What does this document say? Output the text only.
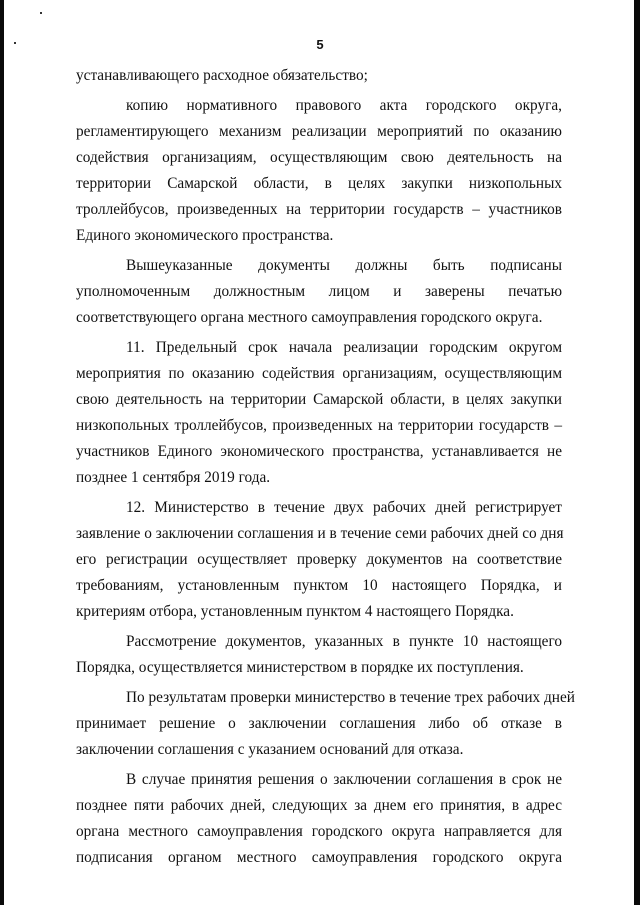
5
устанавливающего расходное обязательство;
копию нормативного правового акта городского округа,
регламентирующего механизм реализации мероприятий по оказанию
содействия организациям, осуществляющим свою деятельность на
территории Самарской области, в целях закупки низкопольных
троллейбусов, произведенных на территории государств – участников
Единого экономического пространства.
Вышеуказанные документы должны быть подписаны
уполномоченным должностным лицом и заверены печатью
соответствующего органа местного самоуправления городского округа.
11. Предельный срок начала реализации городским округом
мероприятия по оказанию содействия организациям, осуществляющим
свою деятельность на территории Самарской области, в целях закупки
низкопольных троллейбусов, произведенных на территории государств –
участников Единого экономического пространства, устанавливается не
позднее 1 сентября 2019 года.
12. Министерство в течение двух рабочих дней регистрирует
заявление о заключении соглашения и в течение семи рабочих дней со дня
его регистрации осуществляет проверку документов на соответствие
требованиям, установленным пунктом 10 настоящего Порядка, и
критериям отбора, установленным пунктом 4 настоящего Порядка.
Рассмотрение документов, указанных в пункте 10 настоящего
Порядка, осуществляется министерством в порядке их поступления.
По результатам проверки министерство в течение трех рабочих дней
принимает решение о заключении соглашения либо об отказе в
заключении соглашения с указанием оснований для отказа.
В случае принятия решения о заключении соглашения в срок не
позднее пяти рабочих дней, следующих за днем его принятия, в адрес
органа местного самоуправления городского округа направляется для
подписания органом местного самоуправления городского округа
